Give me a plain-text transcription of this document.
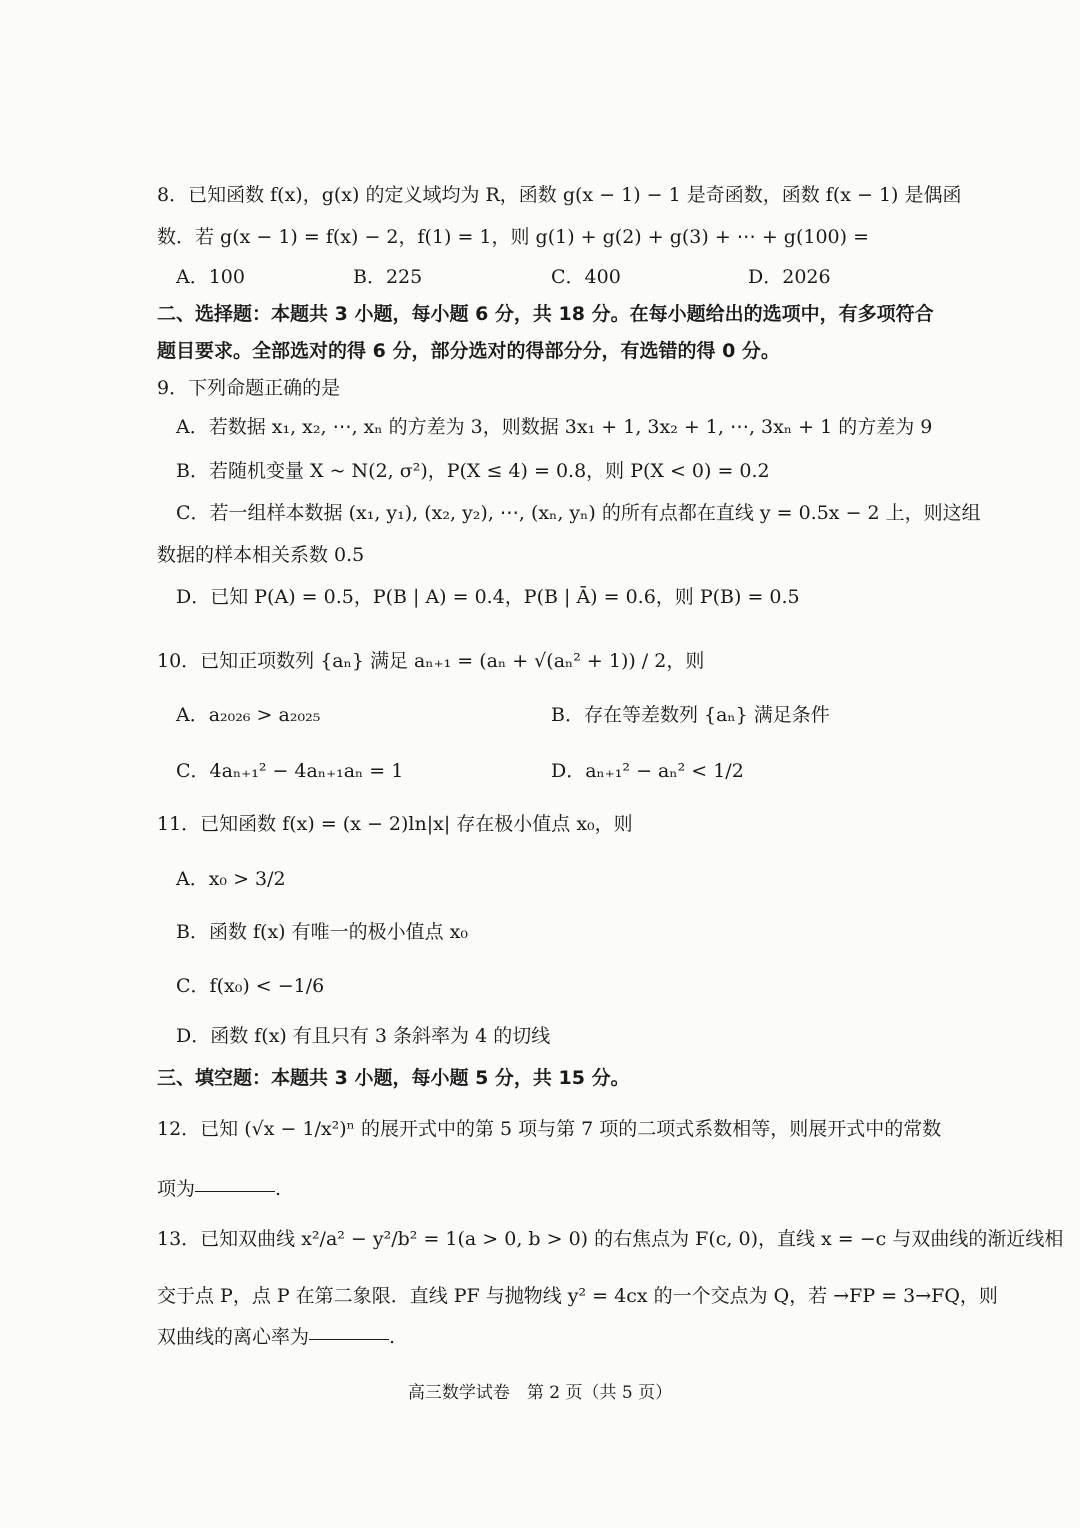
8．已知函数 f(x)，g(x) 的定义域均为 R，函数 g(x − 1) − 1 是奇函数，函数 f(x − 1) 是偶函
数．若 g(x − 1) = f(x) − 2，f(1) = 1，则 g(1) + g(2) + g(3) + ⋯ + g(100) =
A．100	B．225	C．400	D．2026
二、选择题：本题共 3 小题，每小题 6 分，共 18 分。在每小题给出的选项中，有多项符合
题目要求。全部选对的得 6 分，部分选对的得部分分，有选错的得 0 分。
9．下列命题正确的是
A．若数据 x₁, x₂, ⋯, xₙ 的方差为 3，则数据 3x₁ + 1, 3x₂ + 1, ⋯, 3xₙ + 1 的方差为 9
B．若随机变量 X ~ N(2, σ²)，P(X ≤ 4) = 0.8，则 P(X < 0) = 0.2
C．若一组样本数据 (x₁, y₁), (x₂, y₂), ⋯, (xₙ, yₙ) 的所有点都在直线 y = 0.5x − 2 上，则这组
数据的样本相关系数 0.5
D．已知 P(A) = 0.5，P(B | A) = 0.4，P(B | Ā) = 0.6，则 P(B) = 0.5
10．已知正项数列 {aₙ} 满足 aₙ₊₁ = (aₙ + √(aₙ² + 1)) / 2，则
A．a₂₀₂₆ > a₂₀₂₅	B．存在等差数列 {aₙ} 满足条件
C．4aₙ₊₁² − 4aₙ₊₁aₙ = 1	D．aₙ₊₁² − aₙ² < 1/2
11．已知函数 f(x) = (x − 2)ln|x| 存在极小值点 x₀，则
A．x₀ > 3/2
B．函数 f(x) 有唯一的极小值点 x₀
C．f(x₀) < −1/6
D．函数 f(x) 有且只有 3 条斜率为 4 的切线
三、填空题：本题共 3 小题，每小题 5 分，共 15 分。
12．已知 (√x − 1/x²)ⁿ 的展开式中的第 5 项与第 7 项的二项式系数相等，则展开式中的常数
项为	.
13．已知双曲线 x²/a² − y²/b² = 1(a > 0, b > 0) 的右焦点为 F(c, 0)，直线 x = −c 与双曲线的渐近线相
交于点 P，点 P 在第二象限．直线 PF 与抛物线 y² = 4cx 的一个交点为 Q，若 →FP = 3→FQ，则
双曲线的离心率为	.
高三数学试卷　第 2 页（共 5 页）
